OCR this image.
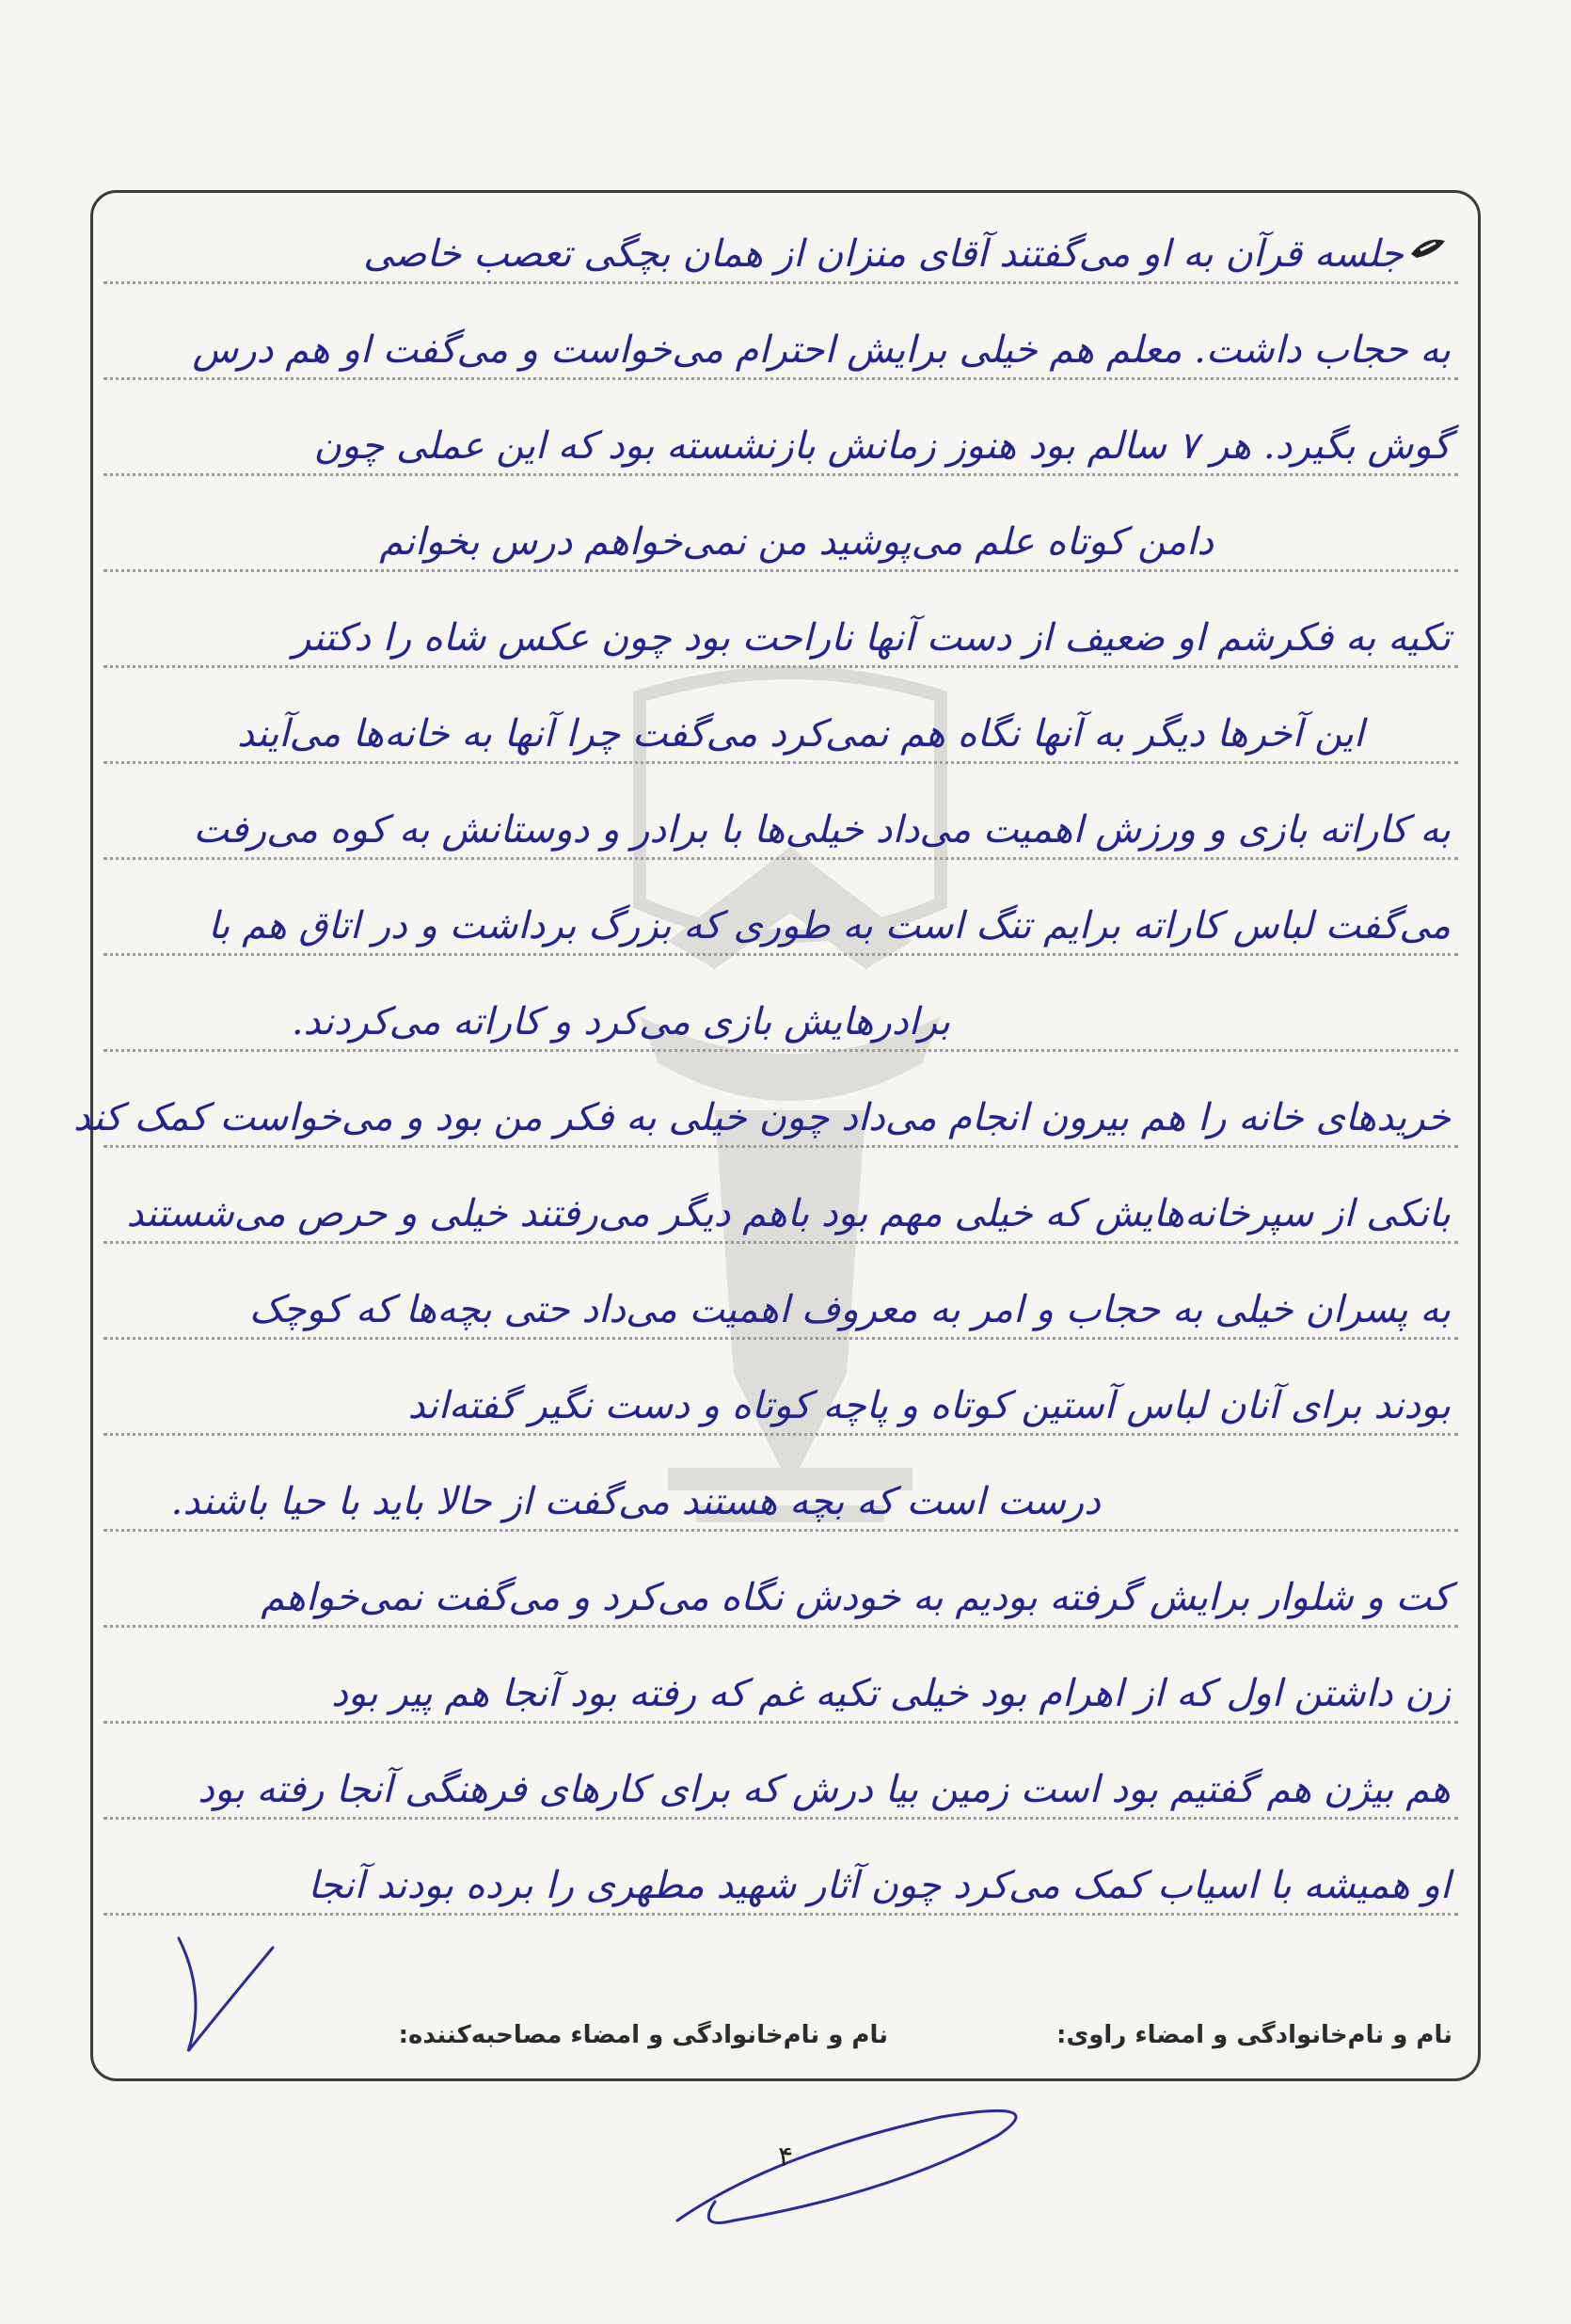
جلسه قرآن به او می‌گفتند آقای منزان از همان بچگی تعصب خاصی
به حجاب داشت. معلم هم خیلی برایش احترام می‌خواست و می‌گفت او هم درس
گوش بگیرد. هر ۷ سالم بود هنوز زمانش بازنشسته بود که این عملی چون
دامن کوتاه علم می‌پوشید من نمی‌خواهم درس بخوانم
تکیه به فکرشم او ضعیف از دست آنها ناراحت بود چون عکس شاه را دکتنر
این آخرها دیگر به آنها نگاه هم نمی‌کرد می‌گفت چرا آنها به خانه‌ها می‌آیند
به کاراته بازی و ورزش اهمیت می‌داد خیلی‌ها با برادر و دوستانش به کوه می‌رفت
می‌گفت لباس کاراته برایم تنگ است به طوری که بزرگ برداشت و در اتاق هم با
برادرهایش بازی می‌کرد و کاراته می‌کردند.
خریدهای خانه را هم بیرون انجام می‌داد چون خیلی به فکر من بود و می‌خواست کمک کند
بانکی از سپرخانه‌هایش که خیلی مهم بود باهم دیگر می‌رفتند خیلی و حرص می‌شستند
به پسران خیلی به حجاب و امر به معروف اهمیت می‌داد حتی بچه‌ها که کوچک
بودند برای آنان لباس آستین کوتاه و پاچه کوتاه و دست نگیر گفته‌اند
درست است که بچه هستند می‌گفت از حالا باید با حیا باشند.
کت و شلوار برایش گرفته بودیم به خودش نگاه می‌کرد و می‌گفت نمی‌خواهم
زن داشتن اول که از اهرام بود خیلی تکیه غم که رفته بود آنجا هم پیر بود
هم بیژن هم گفتیم بود است زمین بیا درش که برای کارهای فرهنگی آنجا رفته بود
او همیشه با اسیاب کمک می‌کرد چون آثار شهید مطهری را برده بودند آنجا
نام و نام‌خانوادگی و امضاء راوی:
نام و نام‌خانوادگی و امضاء مصاحبه‌کننده:
۴
